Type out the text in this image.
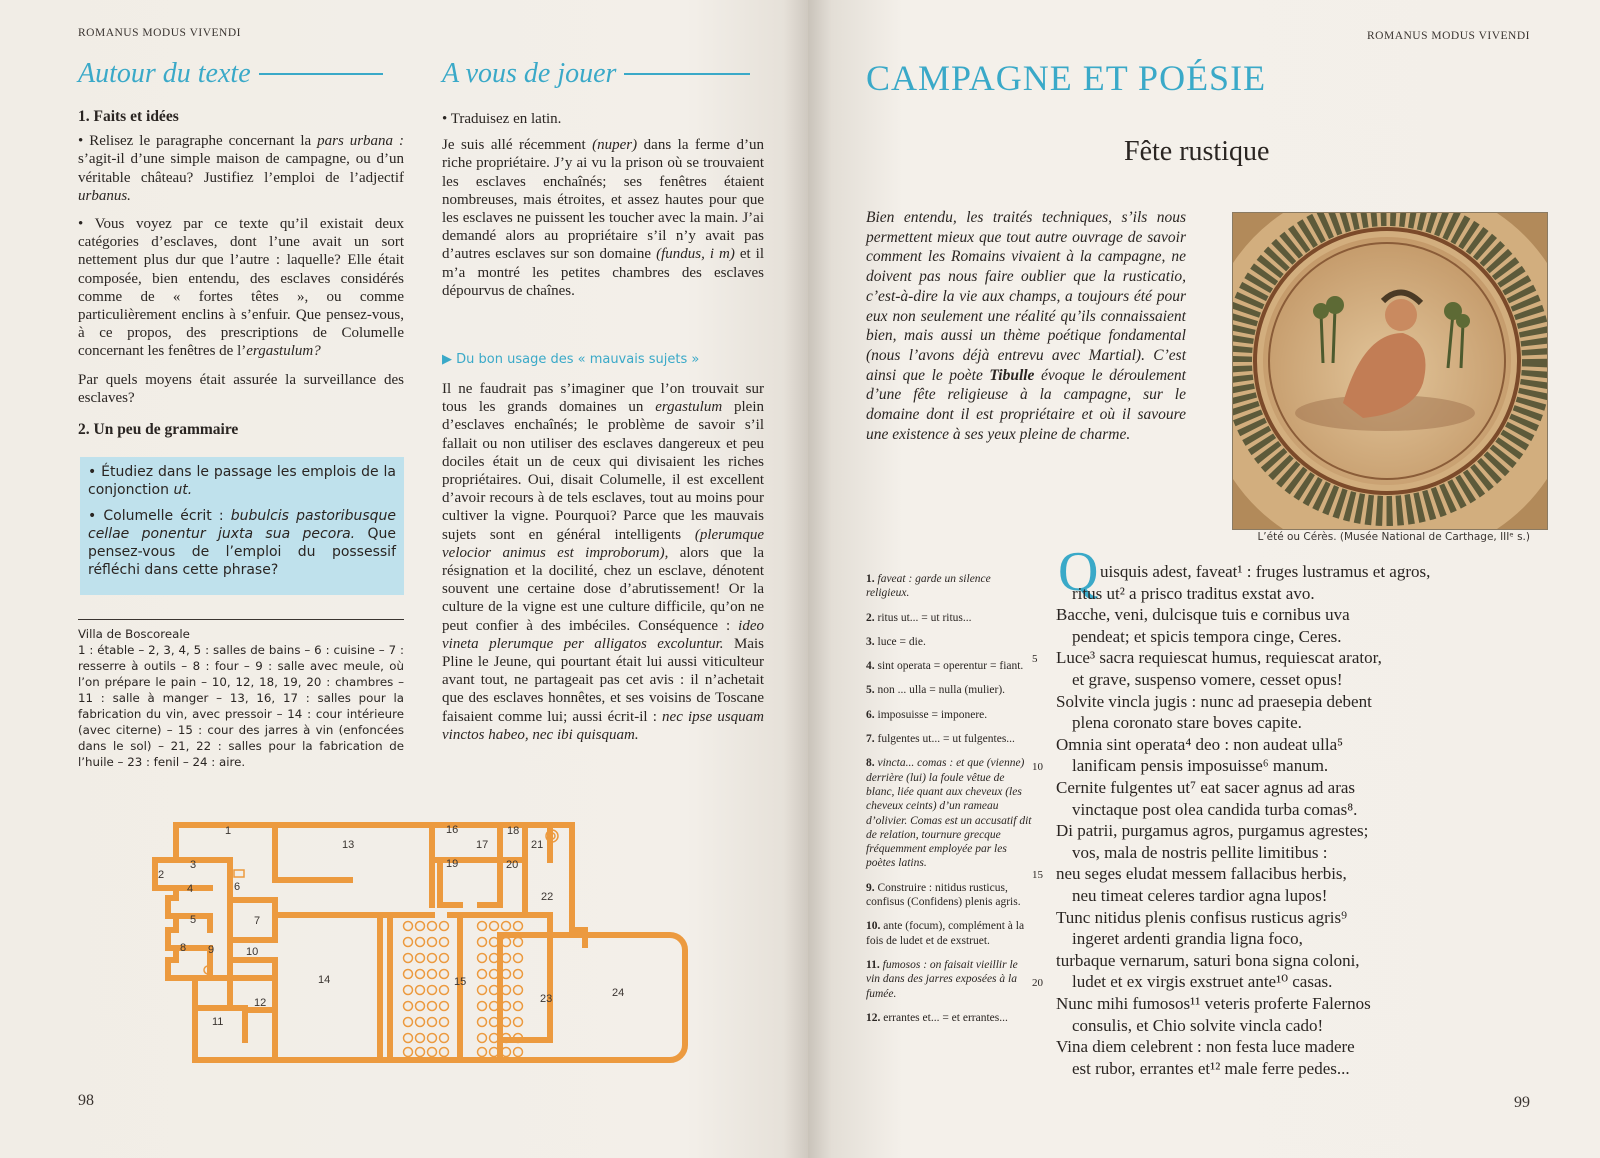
ROMANUS MODUS VIVENDI
Autour du texte
1. Faits et idées

• Relisez le paragraphe concernant la pars urbana : s’agit-il d’une simple maison de campagne, ou d’un véritable château? Justifiez l’emploi de l’adjectif urbanus.

• Vous voyez par ce texte qu’il existait deux catégories d’esclaves, dont l’une avait un sort nettement plus dur que l’autre : laquelle? Elle était composée, bien entendu, des esclaves considérés comme de « fortes têtes », ou comme particulièrement enclins à s’enfuir. Que pensez-vous, à ce propos, des prescriptions de Columelle concernant les fenêtres de l’ergastulum?

Par quels moyens était assurée la surveillance des esclaves?

2. Un peu de grammaire

• Étudiez dans le passage les emplois de la conjonction ut.

• Columelle écrit : bubulcis pastoribusque cellae ponentur juxta sua pecora. Que pensez-vous de l’emploi du possessif réfléchi dans cette phrase?

Villa de Boscoreale
1 : étable – 2, 3, 4, 5 : salles de bains – 6 : cuisine – 7 : resserre à outils – 8 : four – 9 : salle avec meule, où l’on prépare le pain – 10, 12, 18, 19, 20 : chambres – 11 : salle à manger – 13, 16, 17 : salles pour la fabrication du vin, avec pressoir – 14 : cour intérieure (avec citerne) – 15 : cour des jarres à vin (enfoncées dans le sol) – 21, 22 : salles pour la fabrication de l’huile – 23 : fenil – 24 : aire.
A vous de jouer

• Traduisez en latin.

Je suis allé récemment (nuper) dans la ferme d’un riche propriétaire. J’y ai vu la prison où se trouvaient les esclaves enchaînés; ses fenêtres étaient nombreuses, mais étroites, et assez hautes pour que les esclaves ne puissent les toucher avec la main. J’ai demandé alors au propriétaire s’il n’y avait pas d’autres esclaves sur son domaine (fundus, i m) et il m’a montré les petites chambres des esclaves dépourvus de chaînes.

▶ Du bon usage des « mauvais sujets »

Il ne faudrait pas s’imaginer que l’on trouvait sur tous les grands domaines un ergastulum plein d’esclaves enchaînés; le problème de savoir s’il fallait ou non utiliser des esclaves dangereux et peu dociles était un de ceux qui divisaient les riches propriétaires. Oui, disait Columelle, il est excellent d’avoir recours à de tels esclaves, tout au moins pour cultiver la vigne. Pourquoi? Parce que les mauvais sujets sont en général intelligents (plerumque velocior animus est improborum), alors que la résignation et la docilité, chez un esclave, dénotent souvent une certaine dose d’abrutissement! Or la culture de la vigne est une culture difficile, qu’on ne peut confier à des imbéciles. Conséquence : ideo vineta plerumque per alligatos excoluntur. Mais Pline le Jeune, qui pourtant était lui aussi viticulteur avant tout, ne partageait pas cet avis : il n’achetait que des esclaves honnêtes, et ses voisins de Toscane faisaient comme lui; aussi écrit-il : nec ipse usquam vinctos habeo, nec ibi quisquam.

1
2
3
4
5
6
7
8 9	10
11
12
13
14	15
16
17
18
19	20
21
22
23	24
98
ROMANUS MODUS VIVENDI
CAMPAGNE ET POÉSIE
Fête rustique
Bien entendu, les traités techniques, s’ils nous permettent mieux que tout autre ouvrage de savoir comment les Romains vivaient à la campagne, ne doivent pas nous faire oublier que la rusticatio, c’est-à-dire la vie aux champs, a toujours été pour eux non seulement une réalité qu’ils connaissaient bien, mais aussi un thème poétique fondamental (nous l’avons déjà entrevu avec Martial). C’est ainsi que le poète Tibulle évoque le déroulement d’une fête religieuse à la campagne, sur le domaine dont il est propriétaire et où il savoure une existence à ses yeux pleine de charme.
L’été ou Cérès. (Musée National de Carthage, IIIᵉ s.)
1. faveat : garde un silence religieux.
2. ritus ut... = ut ritus...
3. luce = die.
4. sint operata = operentur = fiant.
5. non ... ulla = nulla (mulier).
6. imposuisse = imponere.
7. fulgentes ut... = ut fulgentes...
8. vincta... comas : et que (vienne) derrière (lui) la foule vêtue de blanc, liée quant aux cheveux (les cheveux ceints) d’un rameau d’olivier. Comas est un accusatif dit de relation, tournure grecque fréquemment employée par les poètes latins.
9. Construire : nitidus rusticus, confisus (Confidens) plenis agris.
10. ante (focum), complément à la fois de ludet et de exstruet.
11. fumosos : on faisait vieillir le vin dans des jarres exposées à la fumée.
12. errantes et... = et errantes...
Q uisquis adest, faveat¹ : fruges lustramus et agros,
ritus ut² a prisco traditus exstat avo.
Bacche, veni, dulcisque tuis e cornibus uva
pendeat; et spicis tempora cinge, Ceres.
Luce³ sacra requiescat humus, requiescat arator,
5
et grave, suspenso vomere, cesset opus!
Solvite vincla jugis : nunc ad praesepia debent
plena coronato stare boves capite.
Omnia sint operata⁴ deo : non audeat ulla⁵
lanificam pensis imposuisse⁶ manum.
10
Cernite fulgentes ut⁷ eat sacer agnus ad aras
vinctaque post olea candida turba comas⁸.
Di patrii, purgamus agros, purgamus agrestes;
vos, mala de nostris pellite limitibus :
neu seges eludat messem fallacibus herbis,
15
neu timeat celeres tardior agna lupos!
Tunc nitidus plenis confisus rusticus agris⁹
ingeret ardenti grandia ligna foco,
turbaque vernarum, saturi bona signa coloni,
ludet et ex virgis exstruet ante¹⁰ casas.
20
Nunc mihi fumosos¹¹ veteris proferte Falernos
consulis, et Chio solvite vincla cado!
Vina diem celebrent : non festa luce madere
est rubor, errantes et¹² male ferre pedes...
99
